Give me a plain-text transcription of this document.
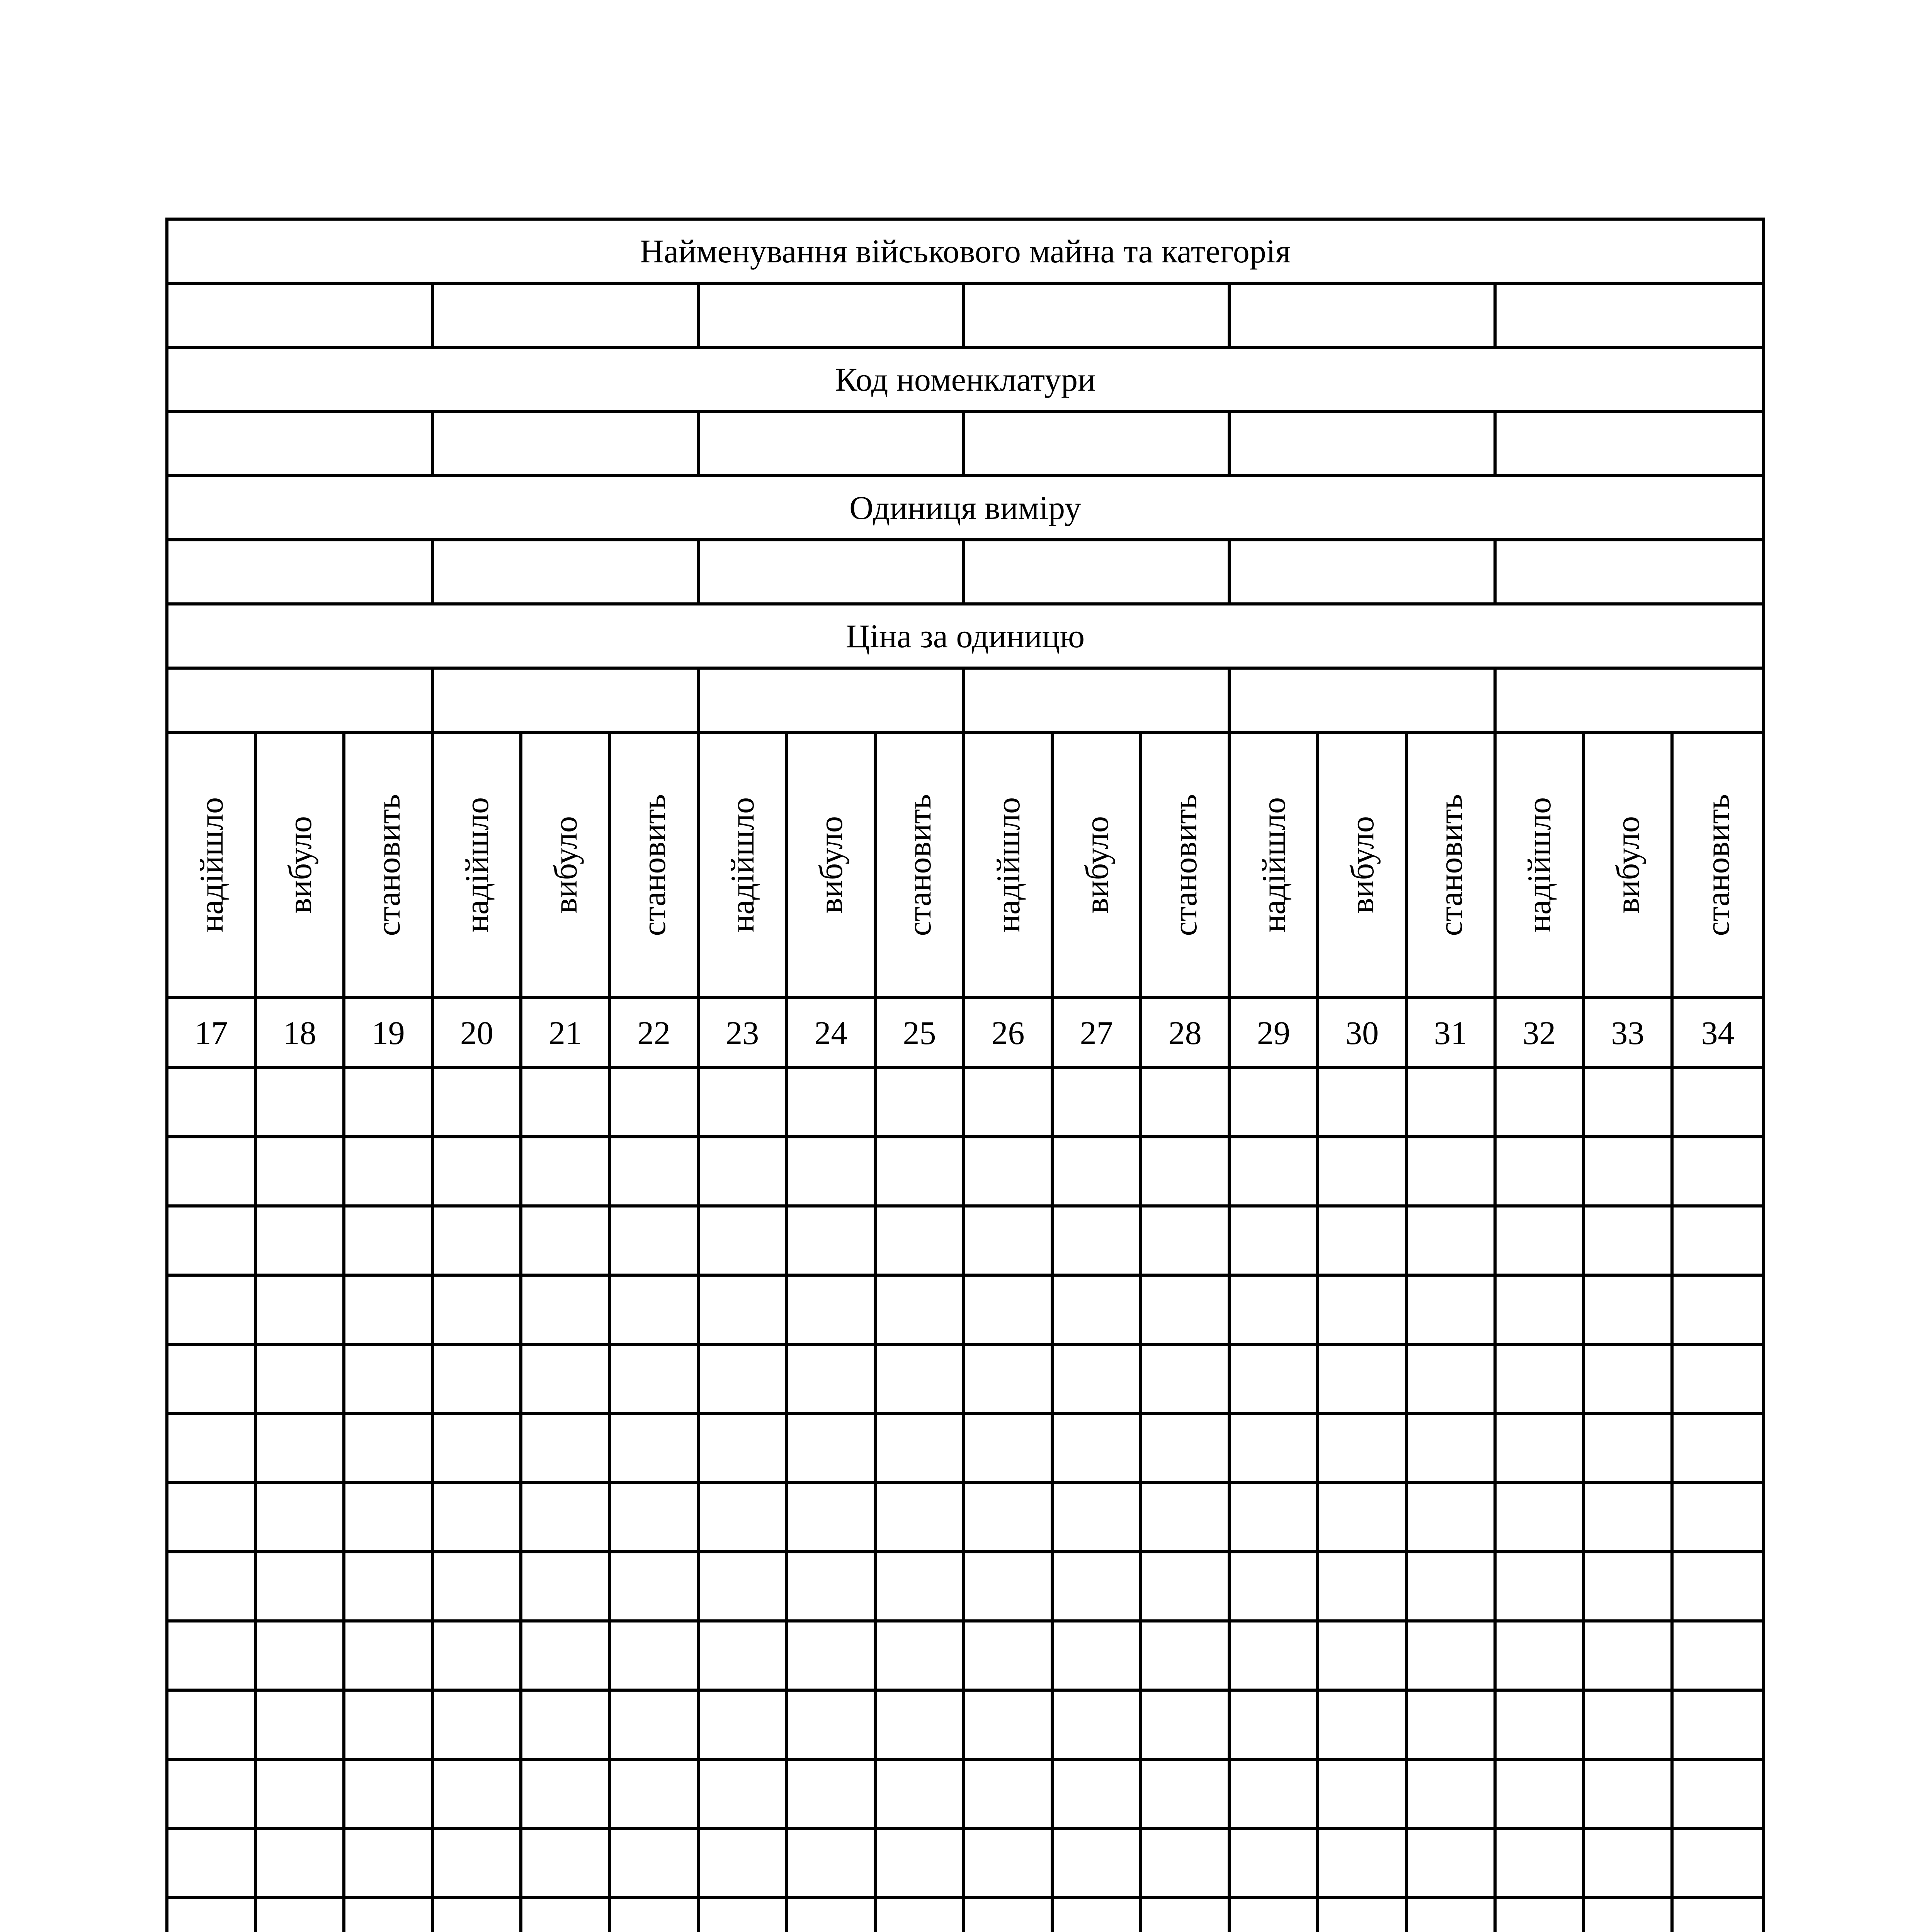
Найменування військового майна та категорія
Код номенклатури
Одиниця виміру
Ціна за одиницю
надійшло вибуло становить надійшло вибуло становить надійшло вибуло становить надійшло вибуло становить надійшло вибуло становить надійшло вибуло становить
17	18	19	20	21	22	23	24	25	26	27	28	29	30	31	32	33	34
